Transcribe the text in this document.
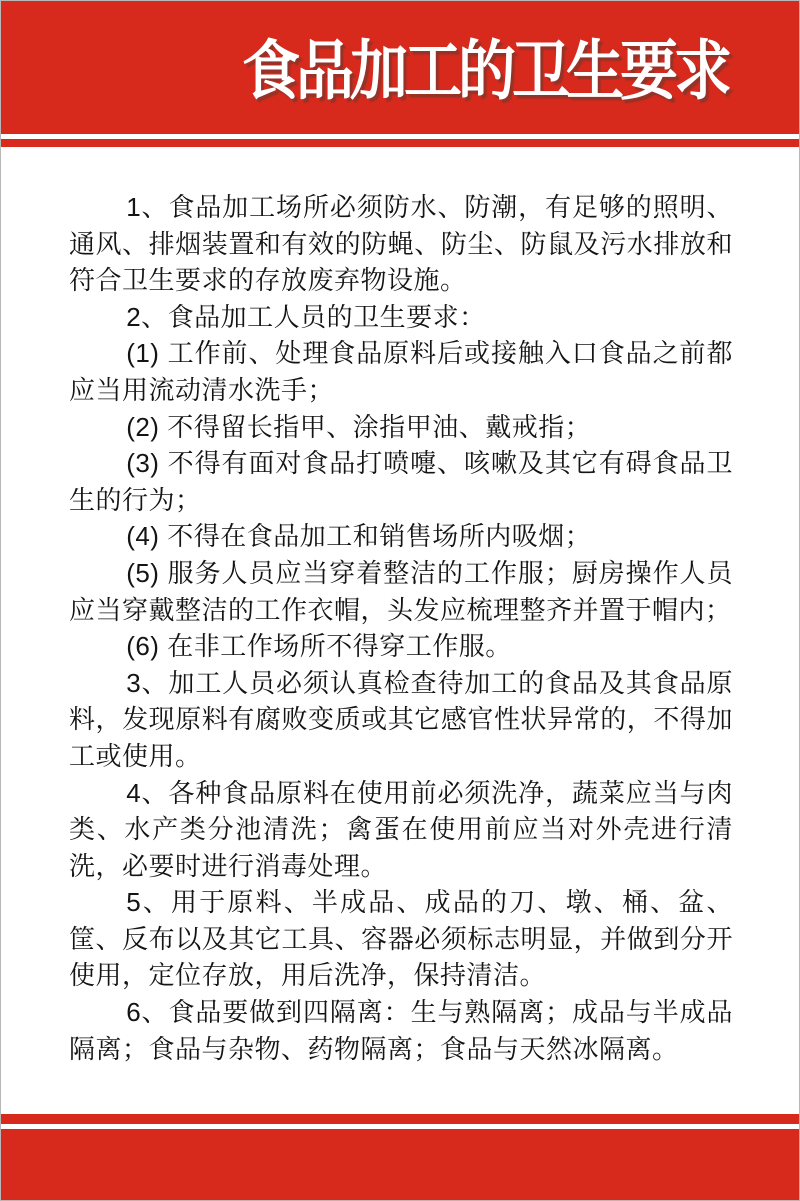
食品加工的卫生要求

1、食品加工场所必须防水、防潮，有足够的照明、通风、排烟装置和有效的防蝇、防尘、防鼠及污水排放和符合卫生要求的存放废弃物设施。

2、食品加工人员的卫生要求：

(1) 工作前、处理食品原料后或接触入口食品之前都应当用流动清水洗手；

(2) 不得留长指甲、涂指甲油、戴戒指；

(3) 不得有面对食品打喷嚏、咳嗽及其它有碍食品卫生的行为；

(4) 不得在食品加工和销售场所内吸烟；

(5) 服务人员应当穿着整洁的工作服；厨房操作人员应当穿戴整洁的工作衣帽，头发应梳理整齐并置于帽内；

(6) 在非工作场所不得穿工作服。

3、加工人员必须认真检查待加工的食品及其食品原料，发现原料有腐败变质或其它感官性状异常的，不得加工或使用。

4、各种食品原料在使用前必须洗净，蔬菜应当与肉类、水产类分池清洗；禽蛋在使用前应当对外壳进行清洗，必要时进行消毒处理。

5、用于原料、半成品、成品的刀、墩、桶、盆、筐、反布以及其它工具、容器必须标志明显，并做到分开使用，定位存放，用后洗净，保持清洁。

6、食品要做到四隔离：生与熟隔离；成品与半成品隔离；食品与杂物、药物隔离；食品与天然冰隔离。
